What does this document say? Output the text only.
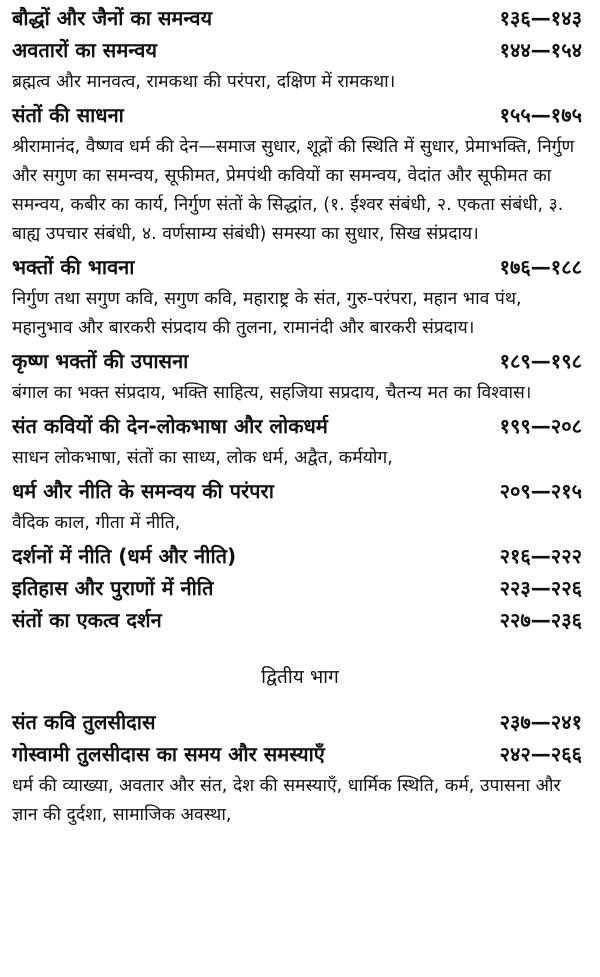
बौद्धों और जैनों का समन्वय	१३६—१४३
अवतारों का समन्वय	१४४—१५४
ब्रह्मत्व और मानवत्व, रामकथा की परंपरा, दक्षिण में रामकथा।
संतों की साधना	१५५—१७५
श्रीरामानंद, वैष्णव धर्म की देन—समाज सुधार, शूद्रों की स्थिति में सुधार, प्रेमाभक्ति, निर्गुण और सगुण का समन्वय, सूफीमत, प्रेमपंथी कवियों का समन्वय, वेदांत और सूफीमत का समन्वय, कबीर का कार्य, निर्गुण संतों के सिद्धांत, (१. ईश्वर संबंधी, २. एकता संबंधी, ३. बाह्य उपचार संबंधी, ४. वर्णसाम्य संबंधी) समस्या का सुधार, सिख संप्रदाय।
भक्तों की भावना	१७६—१८८
निर्गुण तथा सगुण कवि, सगुण कवि, महाराष्ट्र के संत, गुरु-परंपरा, महान भाव पंथ, महानुभाव और बारकरी संप्रदाय की तुलना, रामानंदी और बारकरी संप्रदाय।
कृष्ण भक्तों की उपासना	१८९—१९८
बंगाल का भक्त संप्रदाय, भक्ति साहित्य, सहजिया सप्रदाय, चैतन्य मत का विश्वास।
संत कवियों की देन-लोकभाषा और लोकधर्म	१९९—२०८
साधन लोकभाषा, संतों का साध्य, लोक धर्म, अद्वैत, कर्मयोग,
धर्म और नीति के समन्वय की परंपरा	२०९—२१५
वैदिक काल, गीता में नीति,
दर्शनों में नीति (धर्म और नीति)	२१६—२२२
इतिहास और पुराणों में नीति	२२३—२२६
संतों का एकत्व दर्शन	२२७—२३६
द्वितीय भाग
संत कवि तुलसीदास	२३७—२४१
गोस्वामी तुलसीदास का समय और समस्याएँ	२४२—२६६
धर्म की व्याख्या, अवतार और संत, देश की समस्याएँ, धार्मिक स्थिति, कर्म, उपासना और ज्ञान की दुर्दशा, सामाजिक अवस्था,
